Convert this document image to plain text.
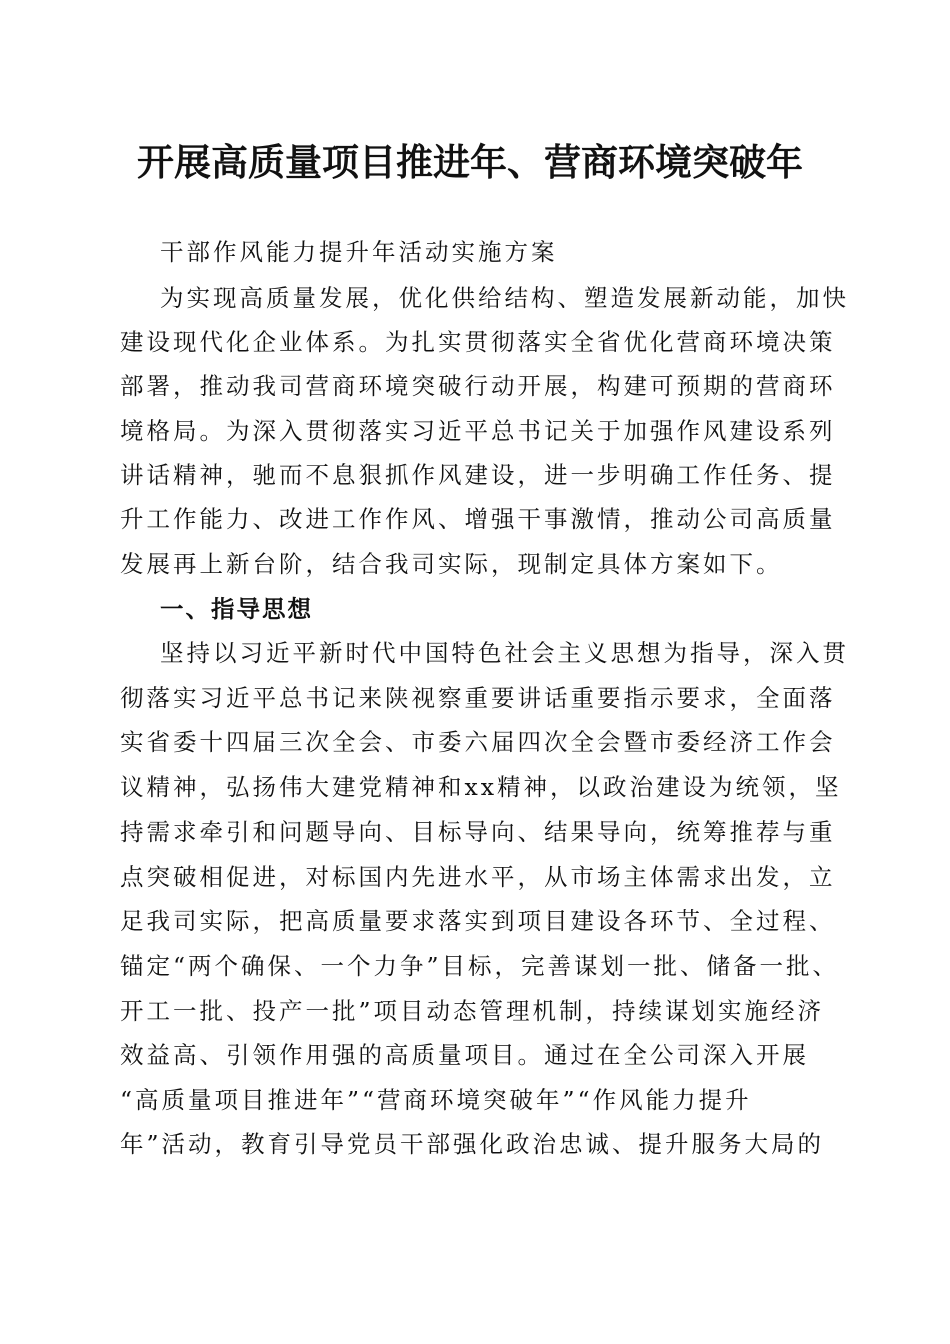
开展高质量项目推进年、营商环境突破年

干部作风能力提升年活动实施方案

为实现高质量发展，优化供给结构、塑造发展新动能，加快

建设现代化企业体系。为扎实贯彻落实全省优化营商环境决策

部署，推动我司营商环境突破行动开展，构建可预期的营商环

境格局。为深入贯彻落实习近平总书记关于加强作风建设系列

讲话精神，驰而不息狠抓作风建设，进一步明确工作任务、提

升工作能力、改进工作作风、增强干事激情，推动公司高质量

发展再上新台阶，结合我司实际，现制定具体方案如下。

一、指导思想

坚持以习近平新时代中国特色社会主义思想为指导，深入贯

彻落实习近平总书记来陕视察重要讲话重要指示要求，全面落

实省委十四届三次全会、市委六届四次全会暨市委经济工作会

议精神，弘扬伟大建党精神和xx精神，以政治建设为统领，坚

持需求牵引和问题导向、目标导向、结果导向，统筹推荐与重

点突破相促进，对标国内先进水平，从市场主体需求出发，立

足我司实际，把高质量要求落实到项目建设各环节、全过程、

锚定“两个确保、一个力争”目标，完善谋划一批、储备一批、

开工一批、投产一批”项目动态管理机制，持续谋划实施经济

效益高、引领作用强的高质量项目。通过在全公司深入开展

“高质量项目推进年”“营商环境突破年”“作风能力提升

年”活动，教育引导党员干部强化政治忠诚、提升服务大局的
